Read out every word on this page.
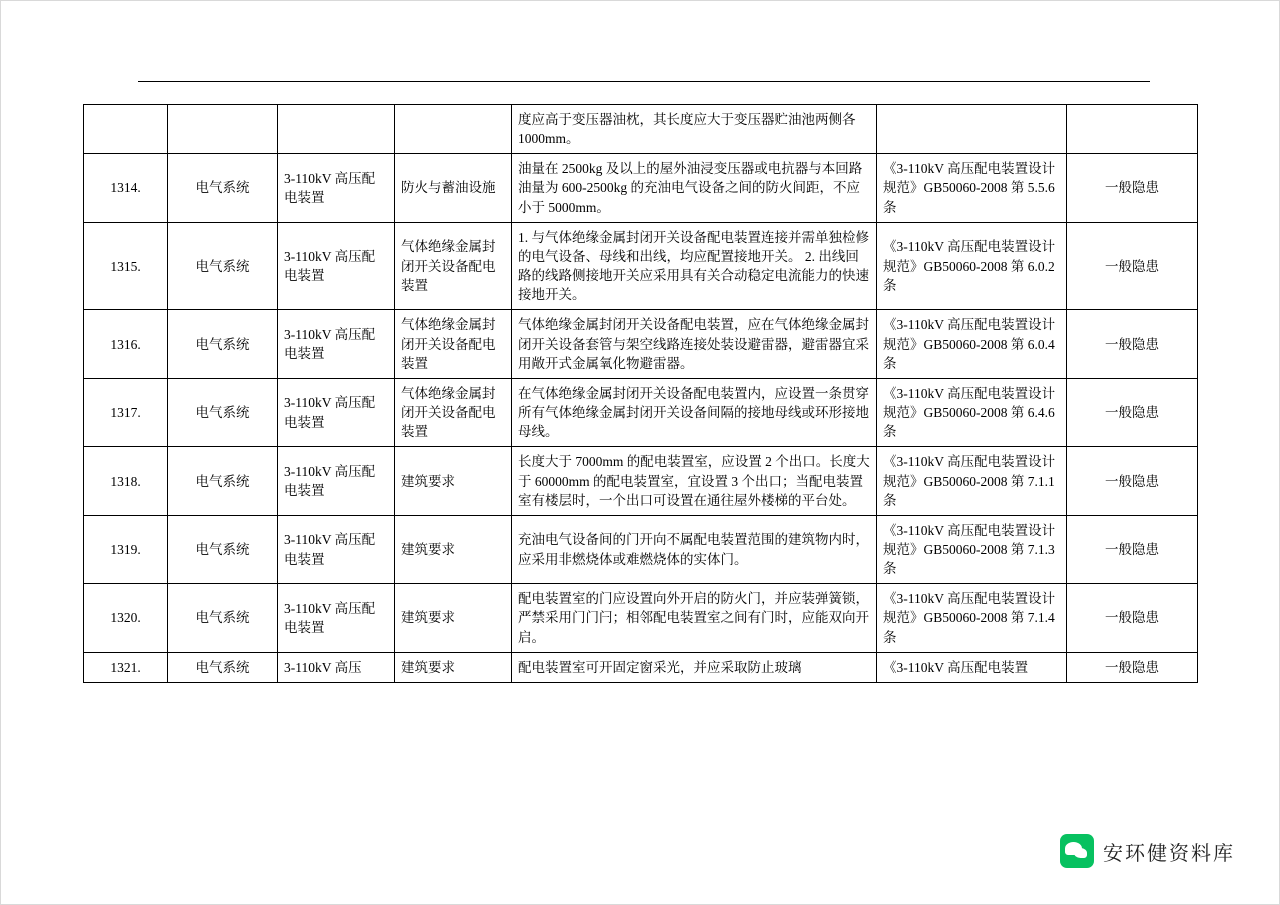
				度应高于变压器油枕，其长度应大于变压器贮油池两侧各 1000mm。		
1314.	电气系统	3-110kV 高压配电装置	防火与蓄油设施	油量在 2500kg 及以上的屋外油浸变压器或电抗器与本回路油量为 600-2500kg 的充油电气设备之间的防火间距，不应小于 5000mm。	《3-110kV 高压配电装置设计规范》GB50060-2008 第 5.5.6 条	一般隐患
1315.	电气系统	3-110kV 高压配电装置	气体绝缘金属封闭开关设备配电装置	1. 与气体绝缘金属封闭开关设备配电装置连接并需单独检修的电气设备、母线和出线，均应配置接地开关。 2. 出线回路的线路侧接地开关应采用具有关合动稳定电流能力的快速接地开关。	《3-110kV 高压配电装置设计规范》GB50060-2008 第 6.0.2 条	一般隐患
1316.	电气系统	3-110kV 高压配电装置	气体绝缘金属封闭开关设备配电装置	气体绝缘金属封闭开关设备配电装置，应在气体绝缘金属封闭开关设备套管与架空线路连接处装设避雷器，避雷器宜采用敞开式金属氧化物避雷器。	《3-110kV 高压配电装置设计规范》GB50060-2008 第 6.0.4 条	一般隐患
1317.	电气系统	3-110kV 高压配电装置	气体绝缘金属封闭开关设备配电装置	在气体绝缘金属封闭开关设备配电装置内，应设置一条贯穿所有气体绝缘金属封闭开关设备间隔的接地母线或环形接地母线。	《3-110kV 高压配电装置设计规范》GB50060-2008 第 6.4.6 条	一般隐患
1318.	电气系统	3-110kV 高压配电装置	建筑要求	长度大于 7000mm 的配电装置室，应设置 2 个出口。长度大于 60000mm 的配电装置室，宜设置 3 个出口；当配电装置室有楼层时，一个出口可设置在通往屋外楼梯的平台处。	《3-110kV 高压配电装置设计规范》GB50060-2008 第 7.1.1 条	一般隐患
1319.	电气系统	3-110kV 高压配电装置	建筑要求	充油电气设备间的门开向不属配电装置范围的建筑物内时，应采用非燃烧体或难燃烧体的实体门。	《3-110kV 高压配电装置设计规范》GB50060-2008 第 7.1.3 条	一般隐患
1320.	电气系统	3-110kV 高压配电装置	建筑要求	配电装置室的门应设置向外开启的防火门，并应装弹簧锁，严禁采用门门闩；相邻配电装置室之间有门时，应能双向开启。	《3-110kV 高压配电装置设计规范》GB50060-2008 第 7.1.4 条	一般隐患
1321.	电气系统	3-110kV 高压	建筑要求	配电装置室可开固定窗采光，并应采取防止玻璃	《3-110kV 高压配电装置	一般隐患
安环健资料库
